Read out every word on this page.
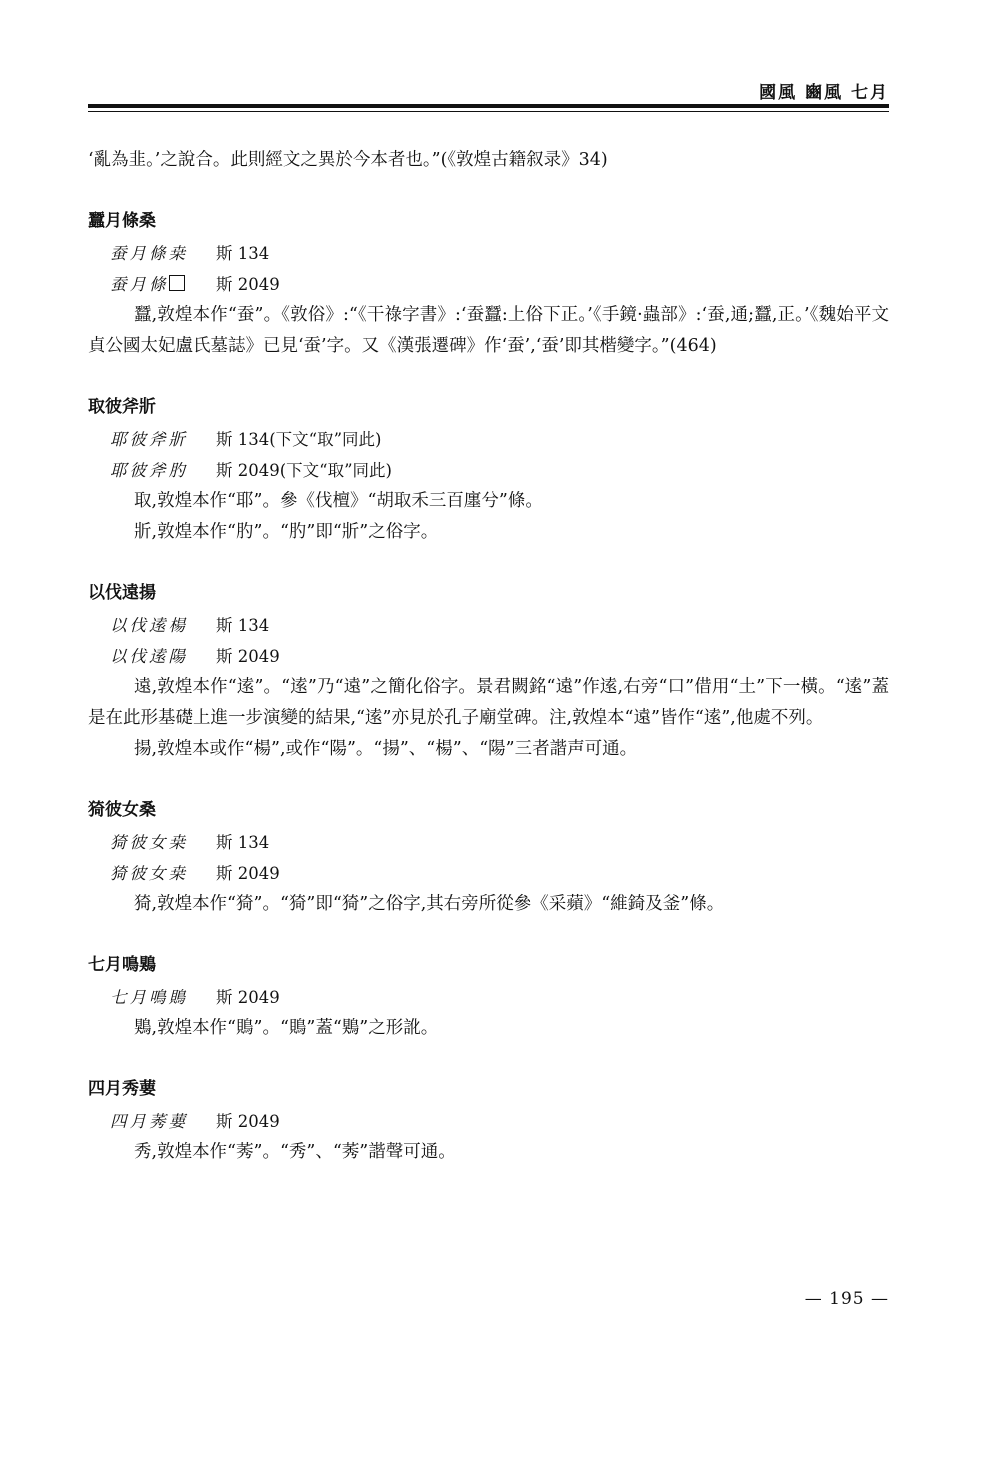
國風 豳風 七月

‘亂為韭。’之說合。此則經文之異於今本者也。”(《敦煌古籍叙录》34)

蠶月條桑
蚕月條桒 斯 134
蚕月條	斯 2049

蠶,敦煌本作“蚕”。《敦俗》:“《干祿字書》:‘蚕蠶:上俗下正。’《手鏡·蟲部》:‘蚕,通;蠶,正。’《魏始平文貞公國太妃盧氏墓誌》已見‘蚕’字。又《漢張遷碑》作‘蚕’,‘蚕’即其楷變字。”(464)

取彼斧斨
耶彼斧斨 斯 134(下文“取”同此)
耶彼斧肑 斯 2049(下文“取”同此)

取,敦煌本作“耶”。參《伐檀》“胡取禾三百廛兮”條。

斨,敦煌本作“肑”。“肑”即“斨”之俗字。

以伐遠揚
以伐逺楊 斯 134
以伐逺陽 斯 2049

遠,敦煌本作“逺”。“逺”乃“遠”之簡化俗字。景君闕銘“遠”作逺,右旁“口”借用“土”下一橫。“逺”蓋是在此形基礎上進一步演變的結果,“逺”亦見於孔子廟堂碑。注,敦煌本“遠”皆作“逺”,他處不列。

揚,敦煌本或作“楊”,或作“陽”。“揚”、“楊”、“陽”三者諧声可通。

猗彼女桑
猗彼女桒 斯 134
猗彼女桒 斯 2049

猗,敦煌本作“猗”。“猗”即“猗”之俗字,其右旁所從參《采蘋》“維錡及釜”條。

七月鳴鶪
七月鳴鵙 斯 2049

鶪,敦煌本作“鵙”。“鵙”蓋“鶪”之形訛。

四月秀葽
四月莠葽 斯 2049

秀,敦煌本作“莠”。“秀”、“莠”諧聲可通。

— 195 —
